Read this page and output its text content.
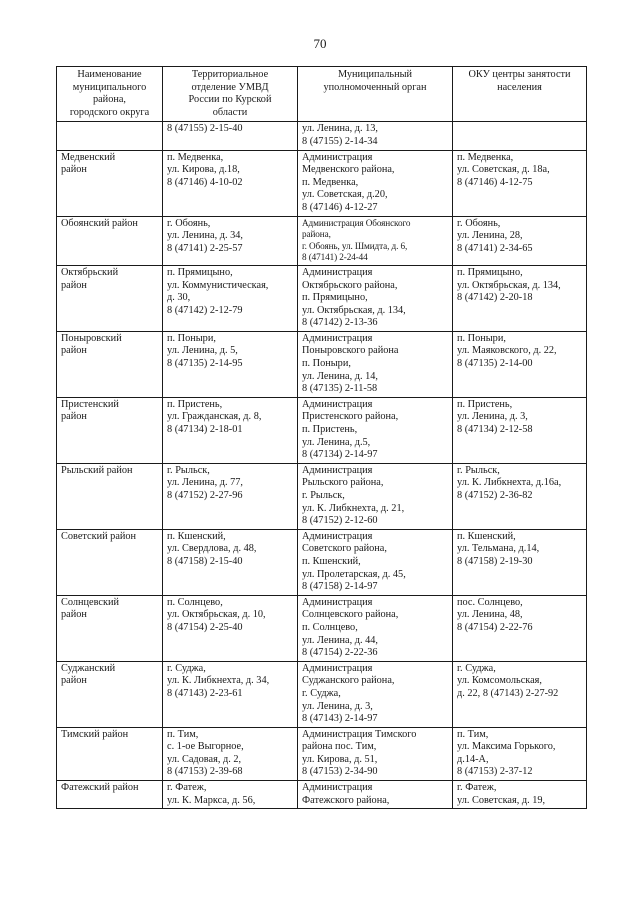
70
Наименование
муниципального
района,
городского округа	Территориальное
отделение УМВД
России по Курской
области	Муниципальный
уполномоченный орган	ОКУ центры занятости
населения

	8 (47155) 2-15-40	ул. Ленина, д. 13,
8 (47155) 2-14-34	

Медвенский
район	п. Медвенка,
ул. Кирова, д.18,
8 (47146) 4-10-02	Администрация
Медвенского района,
п. Медвенка,
ул. Советская, д.20,
8 (47146) 4-12-27	п. Медвенка,
ул. Советская, д. 18а,
8 (47146) 4-12-75

Обоянский район	г. Обоянь,
ул. Ленина, д. 34,
8 (47141) 2-25-57	Администрация Обоянского
района,
г. Обоянь, ул. Шмидта, д. 6,
8 (47141) 2-24-44	г. Обоянь,
ул. Ленина, 28,
8 (47141) 2-34-65

Октябрьский
район	п. Прямицыно,
ул. Коммунистическая,
д. 30,
8 (47142) 2-12-79	Администрация
Октябрьского района,
п. Прямицыно,
ул. Октябрьская, д. 134,
8 (47142) 2-13-36	п. Прямицыно,
ул. Октябрьская, д. 134,
8 (47142) 2-20-18

Поныровский
район	п. Поныри,
ул. Ленина, д. 5,
8 (47135) 2-14-95	Администрация
Поныровского района
п. Поныри,
ул. Ленина, д. 14,
8 (47135) 2-11-58	п. Поныри,
ул. Маяковского, д. 22,
8 (47135) 2-14-00

Пристенский
район	п. Пристень,
ул. Гражданская, д. 8,
8 (47134) 2-18-01	Администрация
Пристенского района,
п. Пристень,
ул. Ленина, д.5,
8 (47134) 2-14-97	п. Пристень,
ул. Ленина, д. 3,
8 (47134) 2-12-58

Рыльский район	г. Рыльск,
ул. Ленина, д. 77,
8 (47152) 2-27-96	Администрация
Рыльского района,
г. Рыльск,
ул. К. Либкнехта, д. 21,
8 (47152) 2-12-60	г. Рыльск,
ул. К. Либкнехта, д.16а,
8 (47152) 2-36-82

Советский район	п. Кшенский,
ул. Свердлова, д. 48,
8 (47158) 2-15-40	Администрация
Советского района,
п. Кшенский,
ул. Пролетарская, д. 45,
8 (47158) 2-14-97	п. Кшенский,
ул. Тельмана, д.14,
8 (47158) 2-19-30

Солнцевский
район	п. Солнцево,
ул. Октябрьская, д. 10,
8 (47154) 2-25-40	Администрация
Солнцевского района,
п. Солнцево,
ул. Ленина, д. 44,
8 (47154) 2-22-36	пос. Солнцево,
ул. Ленина, 48,
8 (47154) 2-22-76

Суджанский
район	г. Суджа,
ул. К. Либкнехта, д. 34,
8 (47143) 2-23-61	Администрация
Суджанского района,
г. Суджа,
ул. Ленина, д. 3,
8 (47143) 2-14-97	г. Суджа,
ул. Комсомольская,
д. 22, 8 (47143) 2-27-92

Тимский район	п. Тим,
с. 1-ое Выгорное,
ул. Садовая, д. 2,
8 (47153) 2-39-68	Администрация Тимского
района пос. Тим,
ул. Кирова, д. 51,
8 (47153) 2-34-90	п. Тим,
ул. Максима Горького,
д.14-А,
8 (47153) 2-37-12

Фатежский район	г. Фатеж,
ул. К. Маркса, д. 56,	Администрация
Фатежского района,	г. Фатеж,
ул. Советская, д. 19,
